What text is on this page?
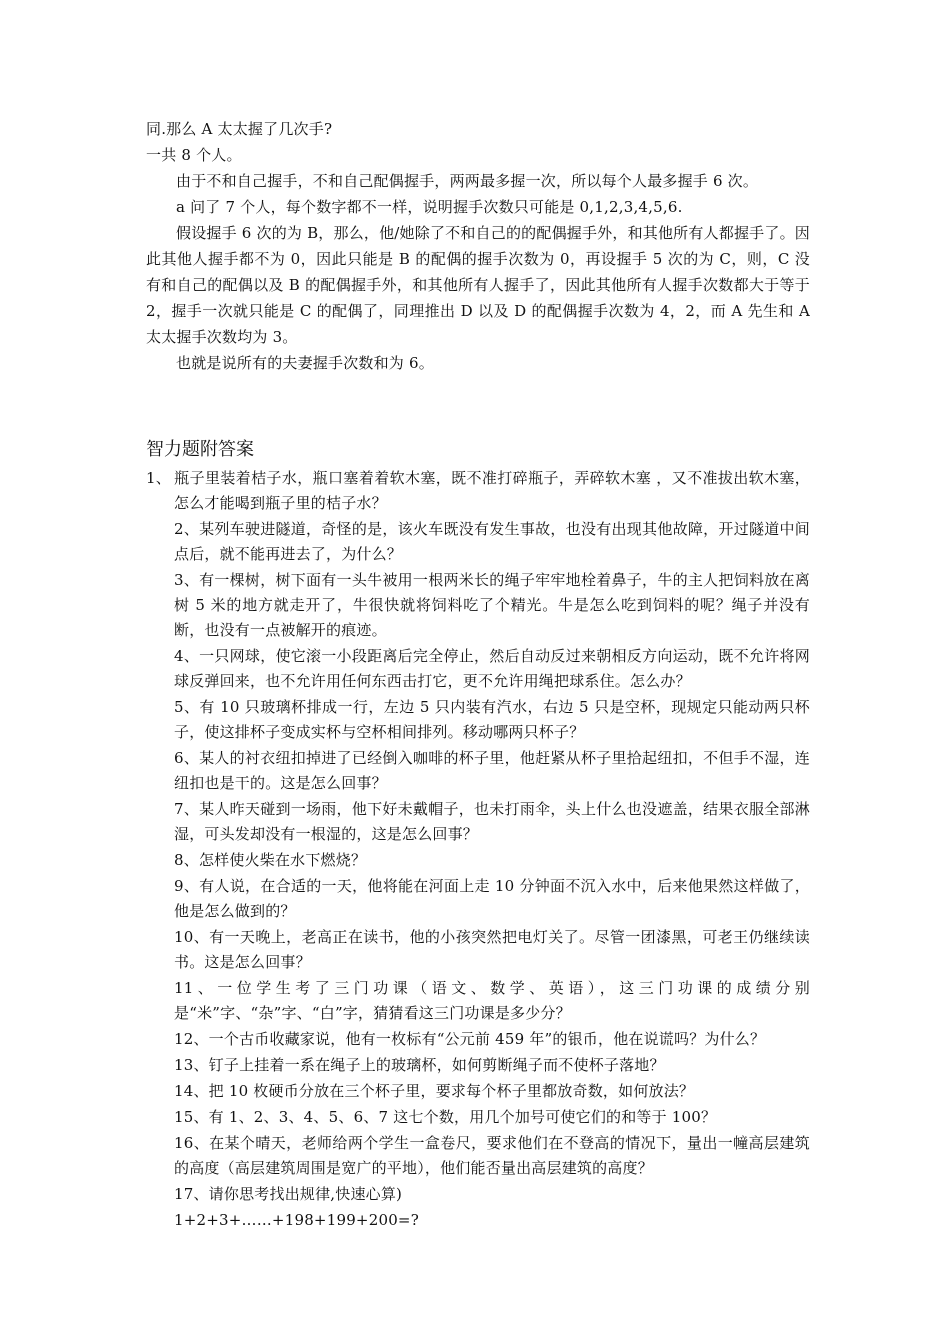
同.那么 A 太太握了几次手?

一共 8 个人。

由于不和自己握手，不和自己配偶握手，两两最多握一次，所以每个人最多握手 6 次。

a 问了 7 个人，每个数字都不一样，说明握手次数只可能是 0,1,2,3,4,5,6.

假设握手 6 次的为 B，那么，他/她除了不和自己的的配偶握手外，和其他所有人都握手了。因此其他人握手都不为 0，因此只能是 B 的配偶的握手次数为 0，再设握手 5 次的为 C，则，C 没有和自己的配偶以及 B 的配偶握手外，和其他所有人握手了，因此其他所有人握手次数都大于等于 2，握手一次就只能是 C 的配偶了，同理推出 D 以及 D 的配偶握手次数为 4，2，而 A 先生和 A 太太握手次数均为 3。

也就是说所有的夫妻握手次数和为 6。

智力题附答案

1、 瓶子里装着桔子水，瓶口塞着着软木塞，既不准打碎瓶子，弄碎软木塞 ，又不准拔出软木塞，怎么才能喝到瓶子里的桔子水？

2、某列车驶进隧道，奇怪的是，该火车既没有发生事故，也没有出现其他故障，开过隧道中间点后，就不能再进去了，为什么？

3、有一棵树，树下面有一头牛被用一根两米长的绳子牢牢地栓着鼻子，牛的主人把饲料放在离树 5 米的地方就走开了，牛很快就将饲料吃了个精光。牛是怎么吃到饲料的呢？绳子并没有断，也没有一点被解开的痕迹。

4、一只网球，使它滚一小段距离后完全停止，然后自动反过来朝相反方向运动，既不允许将网球反弹回来，也不允许用任何东西击打它，更不允许用绳把球系住。怎么办？

5、有 10 只玻璃杯排成一行，左边 5 只内装有汽水，右边 5 只是空杯，现规定只能动两只杯子，使这排杯子变成实杯与空杯相间排列。移动哪两只杯子？

6、某人的衬衣纽扣掉进了已经倒入咖啡的杯子里，他赶紧从杯子里拾起纽扣，不但手不湿，连纽扣也是干的。这是怎么回事？

7、某人昨天碰到一场雨，他下好未戴帽子，也未打雨伞，头上什么也没遮盖，结果衣服全部淋湿，可头发却没有一根湿的，这是怎么回事？

8、怎样使火柴在水下燃烧？

9、有人说，在合适的一天，他将能在河面上走 10 分钟面不沉入水中，后来他果然这样做了，他是怎么做到的？

10、有一天晚上，老高正在读书，他的小孩突然把电灯关了。尽管一团漆黑，可老王仍继续读书。这是怎么回事？

11、一位学生考了三门功课（语文、数学、英语），这三门功课的成绩分别是“米”字、“杂”字、“白”字，猜猜看这三门功课是多少分？

12、一个古币收藏家说，他有一枚标有“公元前 459 年”的银币，他在说谎吗？为什么？

13、钉子上挂着一系在绳子上的玻璃杯，如何剪断绳子而不使杯子落地？

14、把 10 枚硬币分放在三个杯子里，要求每个杯子里都放奇数，如何放法？

15、有 1、2、3、4、5、6、7 这七个数，用几个加号可使它们的和等于 100？

16、在某个晴天，老师给两个学生一盒卷尺，要求他们在不登高的情况下，量出一幢高层建筑的高度（高层建筑周围是宽广的平地），他们能否量出高层建筑的高度？

17、请你思考找出规律,快速心算)

1+2+3+……+198+199+200=?
